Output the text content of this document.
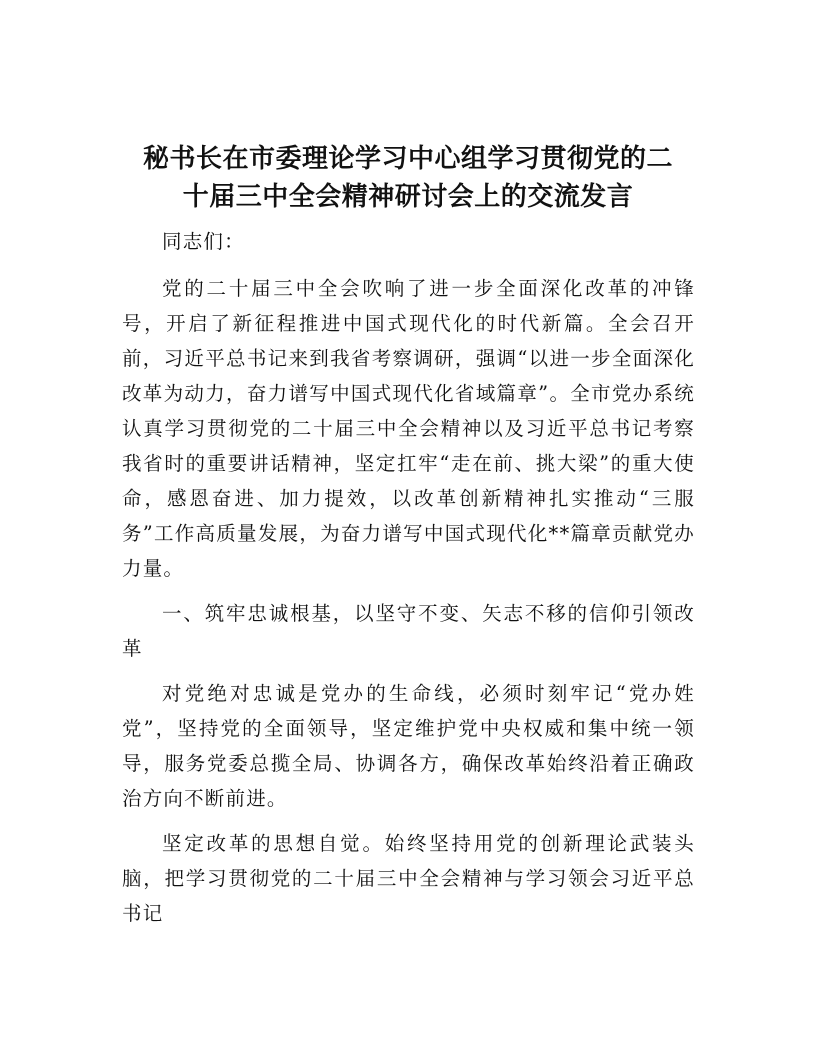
秘书长在市委理论学习中心组学习贯彻党的二
十届三中全会精神研讨会上的交流发言

同志们：

党的二十届三中全会吹响了进一步全面深化改革的冲锋号，开启了新征程推进中国式现代化的时代新篇。全会召开前，习近平总书记来到我省考察调研，强调“以进一步全面深化改革为动力，奋力谱写中国式现代化省域篇章”。全市党办系统认真学习贯彻党的二十届三中全会精神以及习近平总书记考察我省时的重要讲话精神，坚定扛牢“走在前、挑大梁”的重大使命，感恩奋进、加力提效，以改革创新精神扎实推动“三服务”工作高质量发展，为奋力谱写中国式现代化**篇章贡献党办力量。

一、筑牢忠诚根基，以坚守不变、矢志不移的信仰引领改革

对党绝对忠诚是党办的生命线，必须时刻牢记“党办姓党”，坚持党的全面领导，坚定维护党中央权威和集中统一领导，服务党委总揽全局、协调各方，确保改革始终沿着正确政治方向不断前进。

坚定改革的思想自觉。始终坚持用党的创新理论武装头脑，把学习贯彻党的二十届三中全会精神与学习领会习近平总书记
